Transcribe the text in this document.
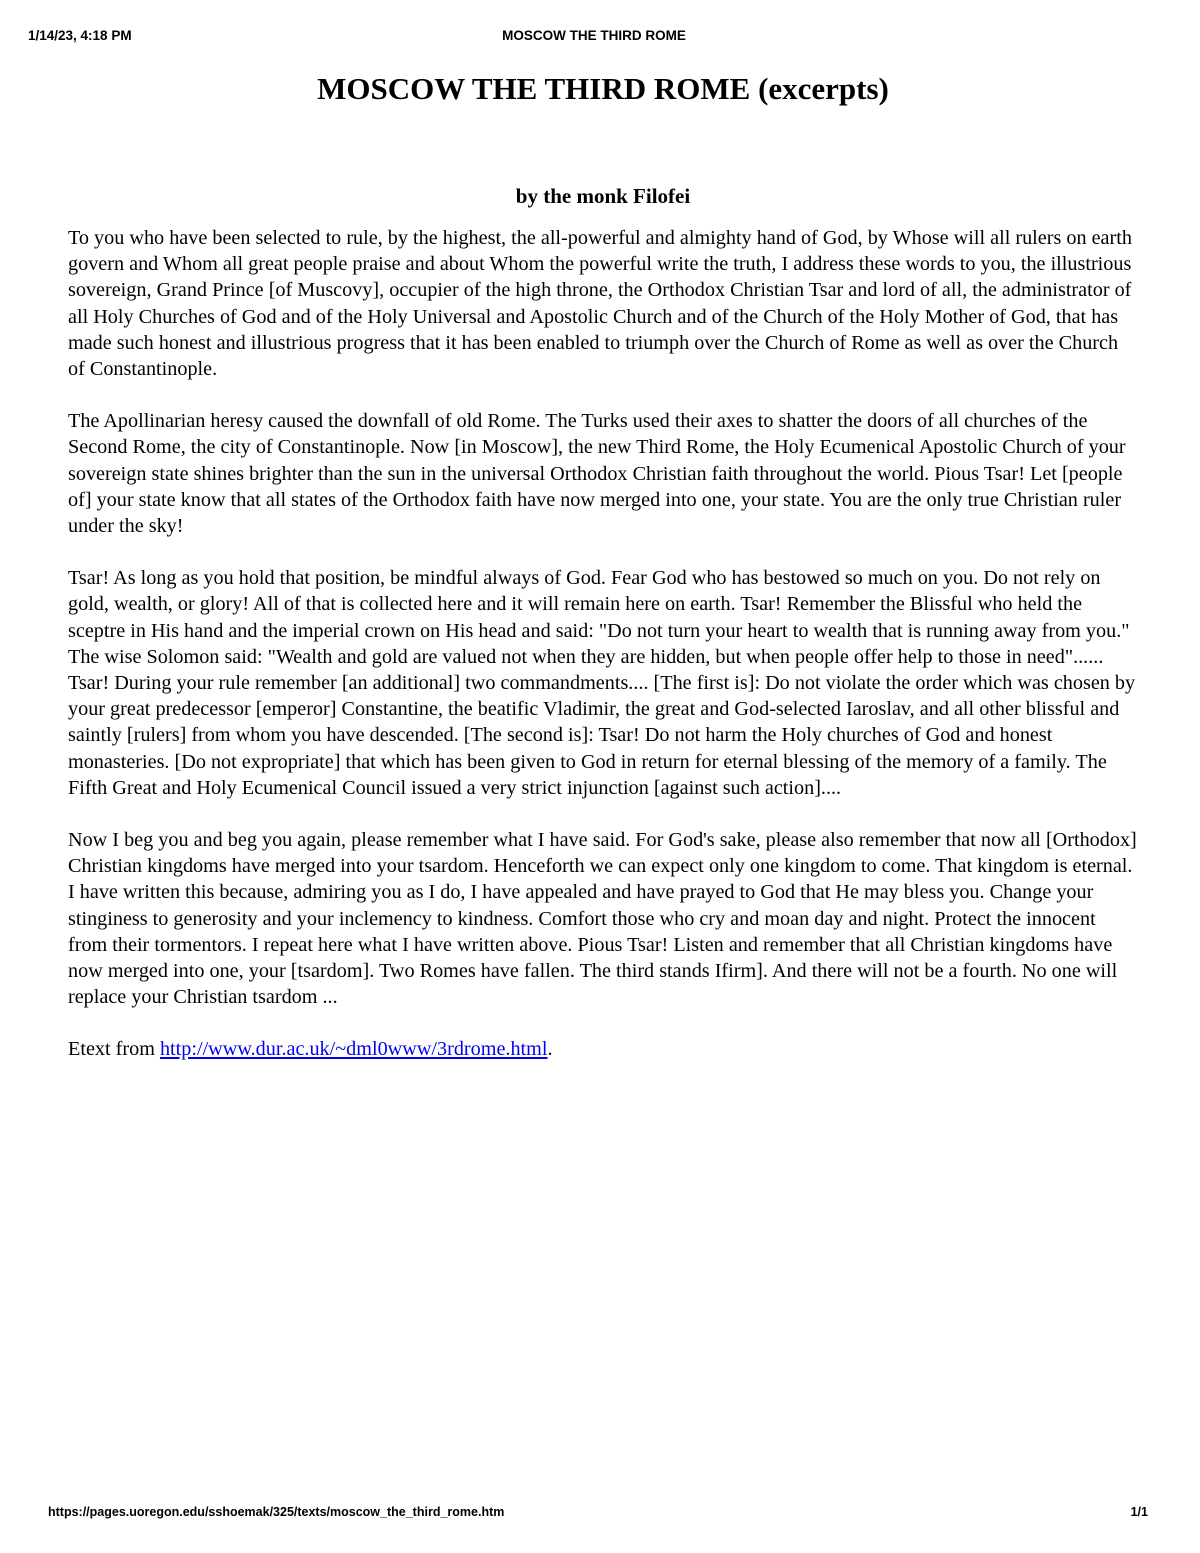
1/14/23, 4:18 PM	MOSCOW THE THIRD ROME
MOSCOW THE THIRD ROME (excerpts)
by the monk Filofei

To you who have been selected to rule, by the highest, the all-powerful and almighty hand of God, by Whose will all rulers on earth govern and Whom all great people praise and about Whom the powerful write the truth, I address these words to you, the illustrious sovereign, Grand Prince [of Muscovy], occupier of the high throne, the Orthodox Christian Tsar and lord of all, the administrator of all Holy Churches of God and of the Holy Universal and Apostolic Church and of the Church of the Holy Mother of God, that has made such honest and illustrious progress that it has been enabled to triumph over the Church of Rome as well as over the Church of Constantinople.

The Apollinarian heresy caused the downfall of old Rome. The Turks used their axes to shatter the doors of all churches of the Second Rome, the city of Constantinople. Now [in Moscow], the new Third Rome, the Holy Ecumenical Apostolic Church of your sovereign state shines brighter than the sun in the universal Orthodox Christian faith throughout the world. Pious Tsar! Let [people of] your state know that all states of the Orthodox faith have now merged into one, your state. You are the only true Christian ruler under the sky!

Tsar! As long as you hold that position, be mindful always of God. Fear God who has bestowed so much on you. Do not rely on gold, wealth, or glory! All of that is collected here and it will remain here on earth. Tsar! Remember the Blissful who held the sceptre in His hand and the imperial crown on His head and said: "Do not turn your heart to wealth that is running away from you." The wise Solomon said: "Wealth and gold are valued not when they are hidden, but when people offer help to those in need"...... Tsar! During your rule remember [an additional] two commandments.... [The first is]: Do not violate the order which was chosen by your great predecessor [emperor] Constantine, the beatific Vladimir, the great and God-selected Iaroslav, and all other blissful and saintly [rulers] from whom you have descended. [The second is]: Tsar! Do not harm the Holy churches of God and honest monasteries. [Do not expropriate] that which has been given to God in return for eternal blessing of the memory of a family. The Fifth Great and Holy Ecumenical Council issued a very strict injunction [against such action]....

Now I beg you and beg you again, please remember what I have said. For God's sake, please also remember that now all [Orthodox] Christian kingdoms have merged into your tsardom. Henceforth we can expect only one kingdom to come. That kingdom is eternal. I have written this because, admiring you as I do, I have appealed and have prayed to God that He may bless you. Change your stinginess to generosity and your inclemency to kindness. Comfort those who cry and moan day and night. Protect the innocent from their tormentors. I repeat here what I have written above. Pious Tsar! Listen and remember that all Christian kingdoms have now merged into one, your [tsardom]. Two Romes have fallen. The third stands Ifirm]. And there will not be a fourth. No one will replace your Christian tsardom ...

Etext from http://www.dur.ac.uk/~dml0www/3rdrome.html.

https://pages.uoregon.edu/sshoemak/325/texts/moscow_the_third_rome.htm	1/1
